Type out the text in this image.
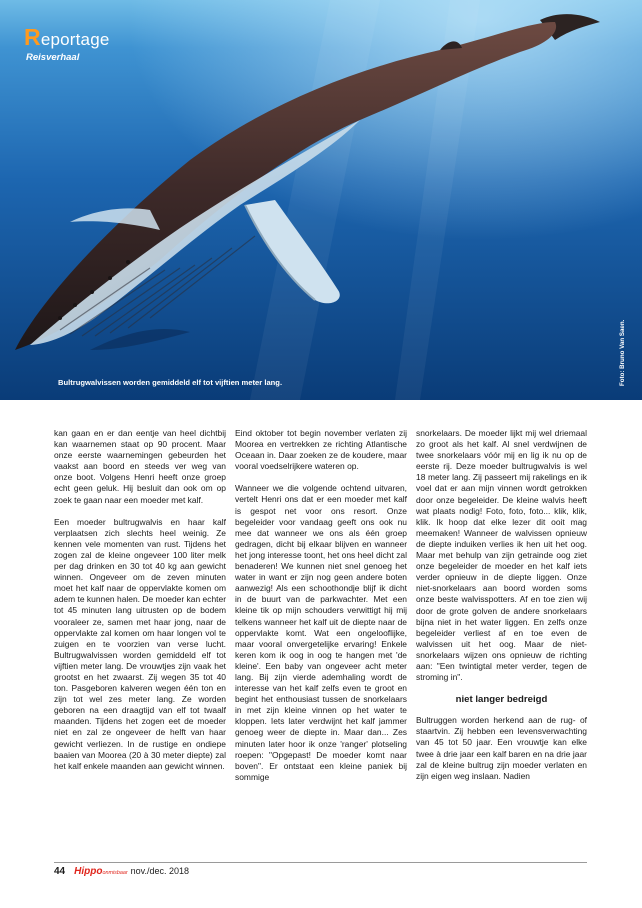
Reportage
Reisverhaal
Bultrugwalvissen worden gemiddeld elf tot vijftien meter lang.	Foto: Bruno Van Saen.

kan gaan en er dan eentje van heel dichtbij kan waarnemen staat op 90 procent. Maar onze eerste waarnemingen gebeurden het vaakst aan boord en steeds ver weg van onze boot. Volgens Henri heeft onze groep echt geen geluk. Hij besluit dan ook om op zoek te gaan naar een moeder met kalf.

Een moeder bultrugwalvis en haar kalf verplaatsen zich slechts heel weinig. Ze kennen vele momenten van rust. Tijdens het zogen zal de kleine ongeveer 100 liter melk per dag drinken en 30 tot 40 kg aan gewicht winnen. Ongeveer om de zeven minuten moet het kalf naar de oppervlakte komen om adem te kunnen halen. De moeder kan echter tot 45 minuten lang uitrusten op de bodem vooraleer ze, samen met haar jong, naar de oppervlakte zal komen om haar longen vol te zuigen en te voorzien van verse lucht. Bultrugwalvissen worden gemiddeld elf tot vijftien meter lang. De vrouwtjes zijn vaak het grootst en het zwaarst. Zij wegen 35 tot 40 ton. Pasgeboren kalveren wegen één ton en zijn tot wel zes meter lang. Ze worden geboren na een draagtijd van elf tot twaalf maanden. Tijdens het zogen eet de moeder niet en zal ze ongeveer de helft van haar gewicht verliezen. In de rustige en ondiepe baaien van Moorea (20 à 30 meter diepte) zal het kalf enkele maanden aan gewicht winnen.

Eind oktober tot begin november verlaten zij Moorea en vertrekken ze richting Atlantische Oceaan in. Daar zoeken ze de koudere, maar vooral voedselrijkere wateren op.

Wanneer we die volgende ochtend uitvaren, vertelt Henri ons dat er een moeder met kalf is gespot net voor ons resort. Onze begeleider voor vandaag geeft ons ook nu mee dat wanneer we ons als één groep gedragen, dicht bij elkaar blijven en wanneer het jong interesse toont, het ons heel dicht zal benaderen! We kunnen niet snel genoeg het water in want er zijn nog geen andere boten aanwezig! Als een schoothondje blijf ik dicht in de buurt van de parkwachter. Met een kleine tik op mijn schouders verwittigt hij mij telkens wanneer het kalf uit de diepte naar de oppervlakte komt. Wat een ongelooflijke, maar vooral onvergetelijke ervaring! Enkele keren kom ik oog in oog te hangen met 'de kleine'. Een baby van ongeveer acht meter lang. Bij zijn vierde ademhaling wordt de interesse van het kalf zelfs even te groot en begint het enthousiast tussen de snorkelaars in met zijn kleine vinnen op het water te kloppen. Iets later verdwijnt het kalf jammer genoeg weer de diepte in. Maar dan... Zes minuten later hoor ik onze 'ranger' plotseling roepen: "Opgepast! De moeder komt naar boven". Er ontstaat een kleine paniek bij sommige

snorkelaars. De moeder lijkt mij wel driemaal zo groot als het kalf. Al snel verdwijnen de twee snorkelaars vóór mij en lig ik nu op de eerste rij. Deze moeder bultrugwalvis is wel 18 meter lang. Zij passeert mij rakelings en ik voel dat er aan mijn vinnen wordt getrokken door onze begeleider. De kleine walvis heeft wat plaats nodig! Foto, foto, foto... klik, klik, klik. Ik hoop dat elke lezer dit ooit mag meemaken! Wanneer de walvissen opnieuw de diepte induiken verlies ik hen uit het oog. Maar met behulp van zijn getrainde oog ziet onze begeleider de moeder en het kalf iets verder opnieuw in de diepte liggen. Onze niet-snorkelaars aan boord worden soms onze beste walvisspotters. Af en toe zien wij door de grote golven de andere snorkelaars bijna niet in het water liggen. En zelfs onze begeleider verliest af en toe even de walvissen uit het oog. Maar de niet-snorkelaars wijzen ons opnieuw de richting aan: "Een twintigtal meter verder, tegen de stroming in".

niet langer bedreigd

Bultruggen worden herkend aan de rug- of staartvin. Zij hebben een levensverwachting van 45 tot 50 jaar. Een vrouwtje kan elke twee à drie jaar een kalf baren en na drie jaar zal de kleine bultrug zijn moeder verlaten en zijn eigen weg inslaan. Nadien

44 Hippo onmisbaar nov./dec. 2018
